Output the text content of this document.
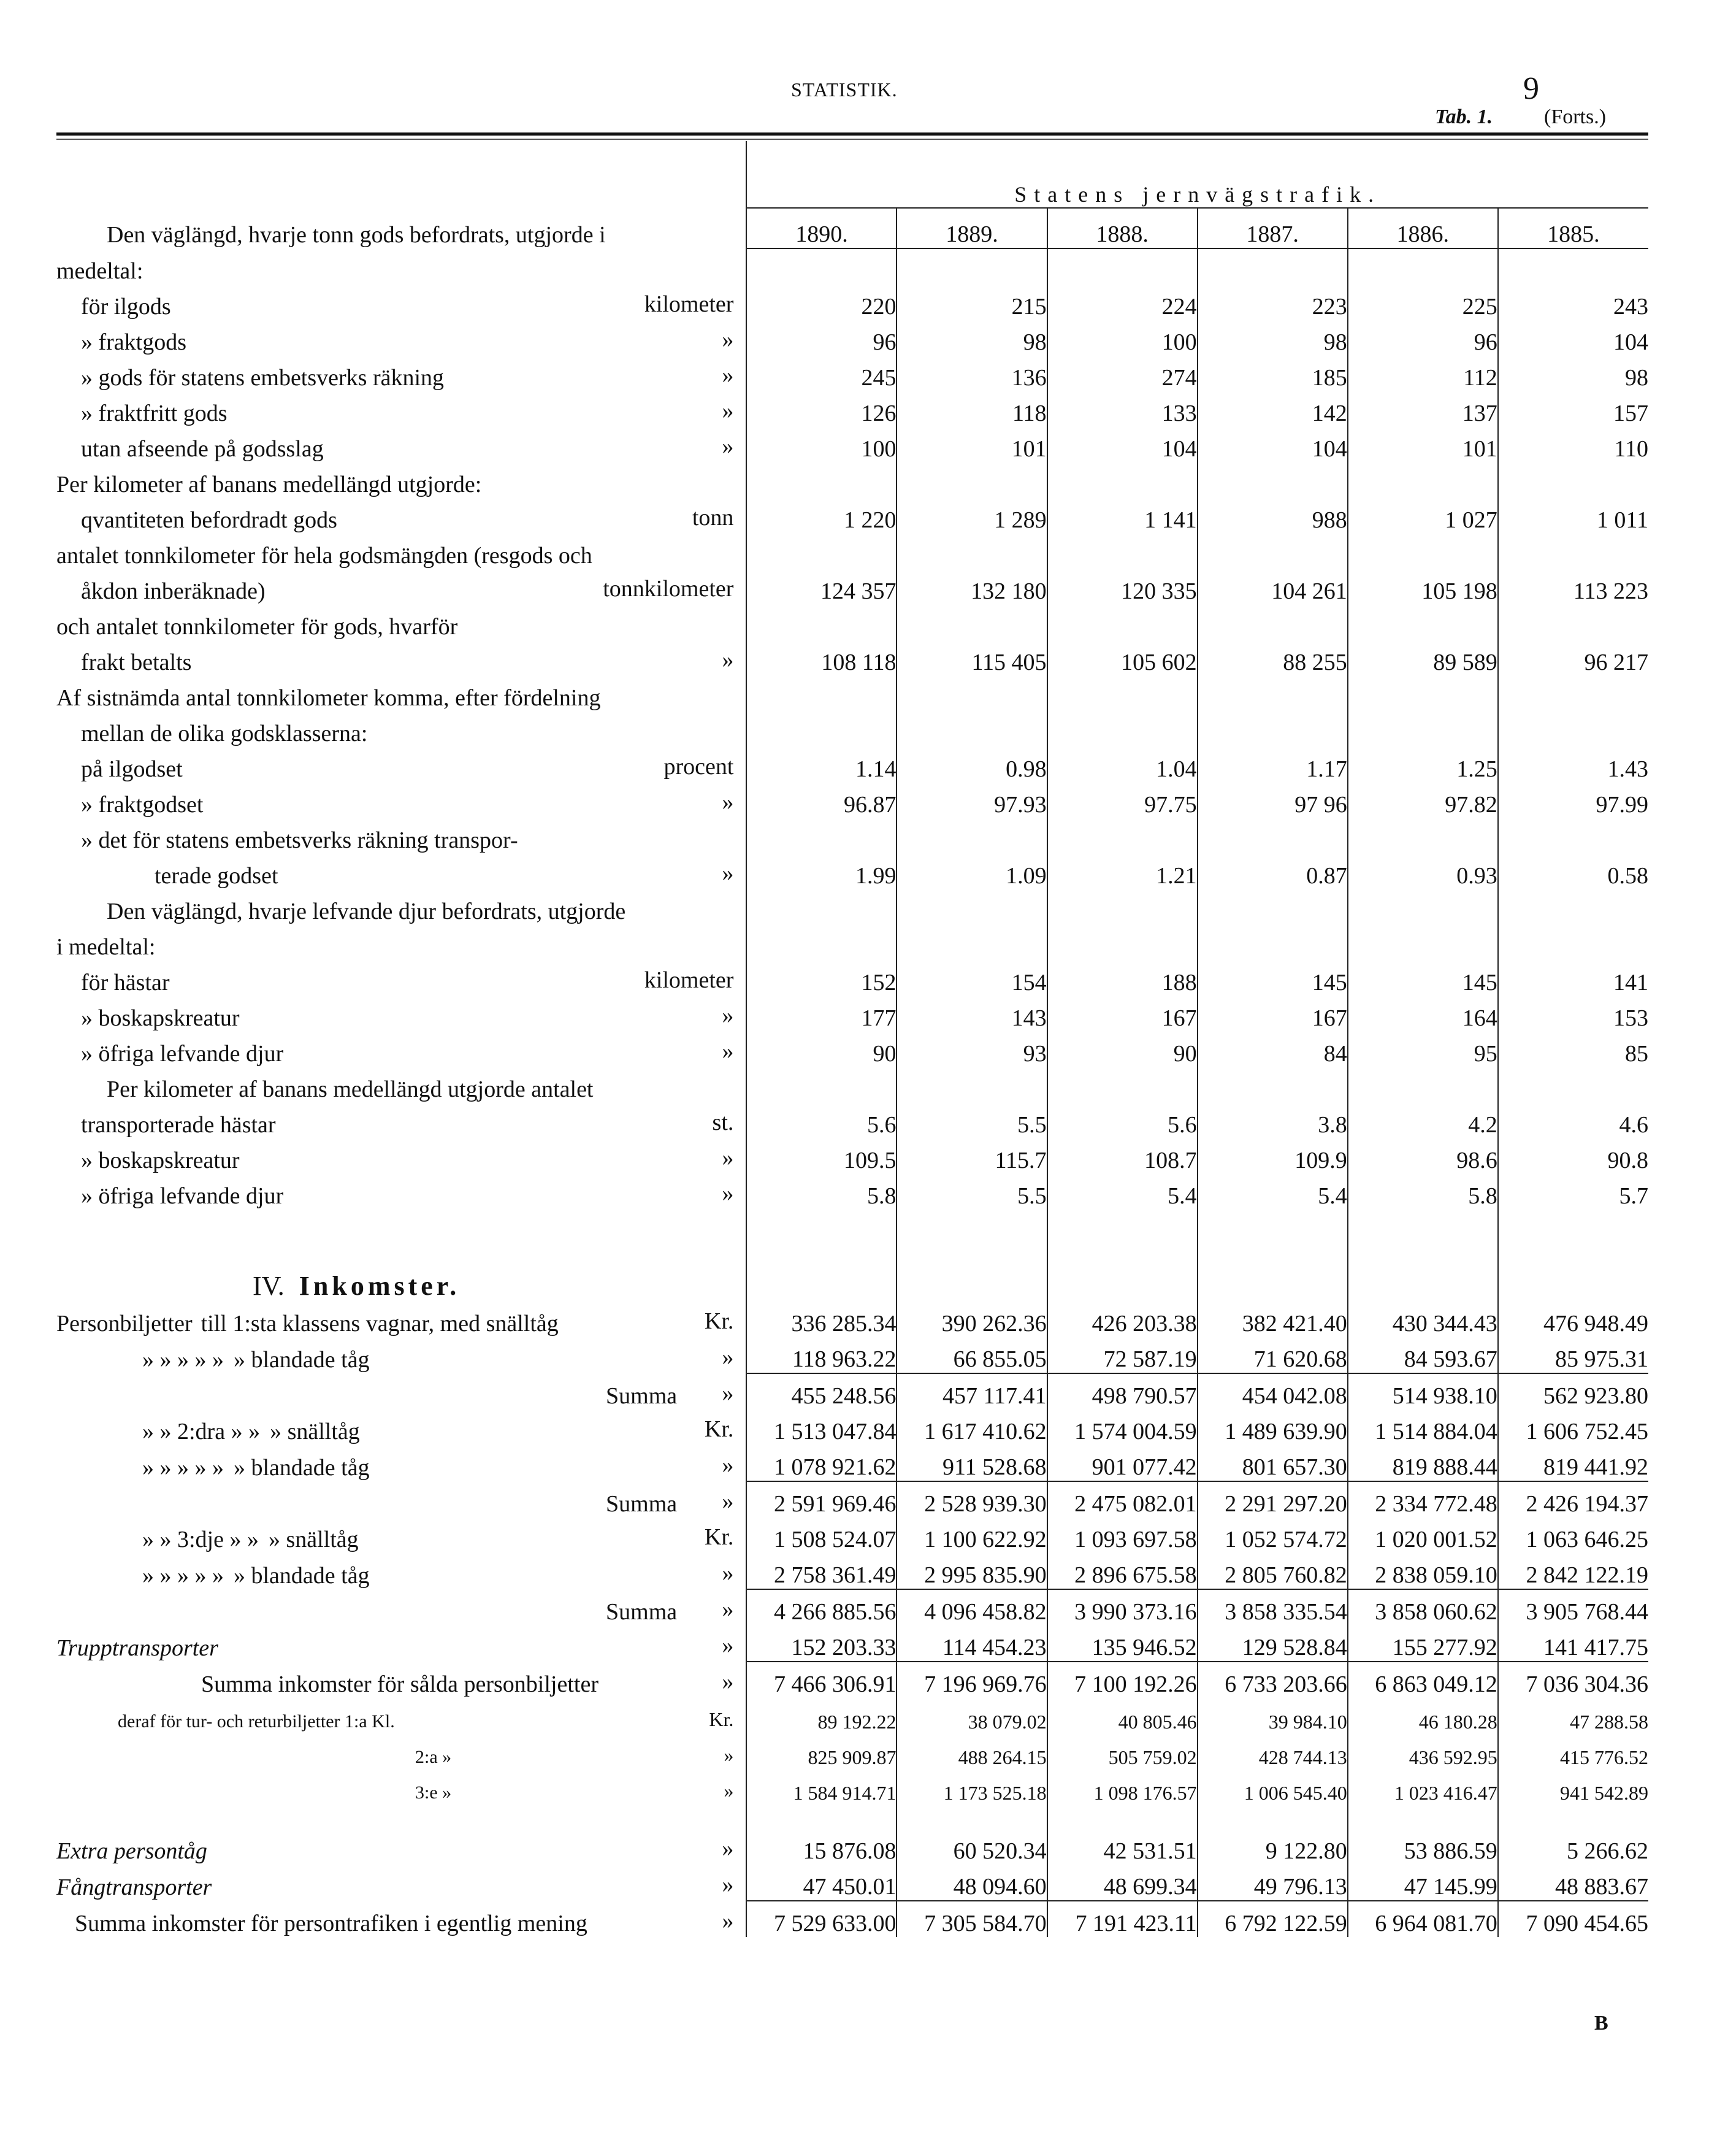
STATISTIK.	9
Tab. 1. (Forts.)
	Statens jernvägstrafik.					
Den väglängd, hvarje tonn gods befordrats, utgjorde i	1890.	1889.	1888.	1887.	1886.	1885.
medeltal:						
för ilgods kilometer	220	215	224	223	225	243
» fraktgods »	96	98	100	98	96	104
» gods för statens embetsverks räkning »	245	136	274	185	112	98
» fraktfritt gods »	126	118	133	142	137	157
utan afseende på godsslag »	100	101	104	104	101	110
Per kilometer af banans medellängd utgjorde:						
qvantiteten befordradt gods tonn	1 220	1 289	1 141	988	1 027	1 011
antalet tonnkilometer för hela godsmängden (resgods och						
åkdon inberäknade) tonnkilometer	124 357	132 180	120 335	104 261	105 198	113 223
och antalet tonnkilometer för gods, hvarför						
frakt betalts »	108 118	115 405	105 602	88 255	89 589	96 217
Af sistnämda antal tonnkilometer komma, efter fördelning						
mellan de olika godsklasserna:						
på ilgodset procent	1.14	0.98	1.04	1.17	1.25	1.43
» fraktgodset »	96.87	97.93	97.75	97 96	97.82	97.99
» det för statens embetsverks räkning transpor-						
terade godset »	1.99	1.09	1.21	0.87	0.93	0.58
Den väglängd, hvarje lefvande djur befordrats, utgjorde						
i medeltal:						
för hästar kilometer	152	154	188	145	145	141
» boskapskreatur »	177	143	167	167	164	153
» öfriga lefvande djur »	90	93	90	84	95	85
Per kilometer af banans medellängd utgjorde antalet						
transporterade hästar st.	5.6	5.5	5.6	3.8	4.2	4.6
» boskapskreatur »	109.5	115.7	108.7	109.9	98.6	90.8
» öfriga lefvande djur »	5.8	5.5	5.4	5.4	5.8	5.7
IV. Inkomster.						
Personbiljetter till 1:sta klassens vagnar, med snälltåg Kr.	336 285.34	390 262.36	426 203.38	382 421.40	430 344.43	476 948.49
» » » » » » blandade tåg »	118 963.22	66 855.05	72 587.19	71 620.68	84 593.67	85 975.31
Summa »	455 248.56	457 117.41	498 790.57	454 042.08	514 938.10	562 923.80
» » 2:dra » » » snälltåg Kr.	1 513 047.84	1 617 410.62	1 574 004.59	1 489 639.90	1 514 884.04	1 606 752.45
» » » » » » blandade tåg »	1 078 921.62	911 528.68	901 077.42	801 657.30	819 888.44	819 441.92
Summa »	2 591 969.46	2 528 939.30	2 475 082.01	2 291 297.20	2 334 772.48	2 426 194.37
» » 3:dje » » » snälltåg Kr.	1 508 524.07	1 100 622.92	1 093 697.58	1 052 574.72	1 020 001.52	1 063 646.25
» » » » » » blandade tåg »	2 758 361.49	2 995 835.90	2 896 675.58	2 805 760.82	2 838 059.10	2 842 122.19
Summa »	4 266 885.56	4 096 458.82	3 990 373.16	3 858 335.54	3 858 060.62	3 905 768.44
Trupptransporter »	152 203.33	114 454.23	135 946.52	129 528.84	155 277.92	141 417.75
Summa inkomster för sålda personbiljetter »	7 466 306.91	7 196 969.76	7 100 192.26	6 733 203.66	6 863 049.12	7 036 304.36
deraf för tur- och returbiljetter 1:a Kl. Kr.	89 192.22	38 079.02	40 805.46	39 984.10	46 180.28	47 288.58
2:a » »	825 909.87	488 264.15	505 759.02	428 744.13	436 592.95	415 776.52
3:e » »	1 584 914.71	1 173 525.18	1 098 176.57	1 006 545.40	1 023 416.47	941 542.89

Extra persontåg »	15 876.08	60 520.34	42 531.51	9 122.80	53 886.59	5 266.62
Fångtransporter »	47 450.01	48 094.60	48 699.34	49 796.13	47 145.99	48 883.67
Summa inkomster för persontrafiken i egentlig mening »	7 529 633.00	7 305 584.70	7 191 423.11	6 792 122.59	6 964 081.70	7 090 454.65
B
